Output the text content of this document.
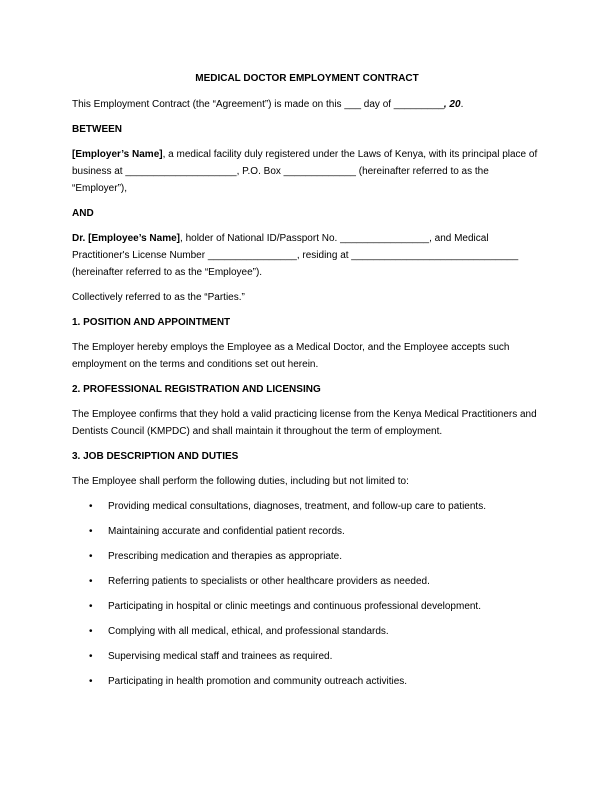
MEDICAL DOCTOR EMPLOYMENT CONTRACT

This Employment Contract (the “Agreement”) is made on this ___ day of _________, 20.

BETWEEN

[Employer’s Name], a medical facility duly registered under the Laws of Kenya, with its principal place of business at ____________________, P.O. Box _____________ (hereinafter referred to as the “Employer”),

AND

Dr. [Employee’s Name], holder of National ID/Passport No. ________________, and Medical Practitioner's License Number ________________, residing at ______________________________ (hereinafter referred to as the “Employee”).

Collectively referred to as the “Parties.”

1. POSITION AND APPOINTMENT

The Employer hereby employs the Employee as a Medical Doctor, and the Employee accepts such employment on the terms and conditions set out herein.

2. PROFESSIONAL REGISTRATION AND LICENSING

The Employee confirms that they hold a valid practicing license from the Kenya Medical Practitioners and Dentists Council (KMPDC) and shall maintain it throughout the term of employment.

3. JOB DESCRIPTION AND DUTIES

The Employee shall perform the following duties, including but not limited to:

• Providing medical consultations, diagnoses, treatment, and follow-up care to patients.
• Maintaining accurate and confidential patient records.
• Prescribing medication and therapies as appropriate.
• Referring patients to specialists or other healthcare providers as needed.
• Participating in hospital or clinic meetings and continuous professional development.
• Complying with all medical, ethical, and professional standards.
• Supervising medical staff and trainees as required.
• Participating in health promotion and community outreach activities.
